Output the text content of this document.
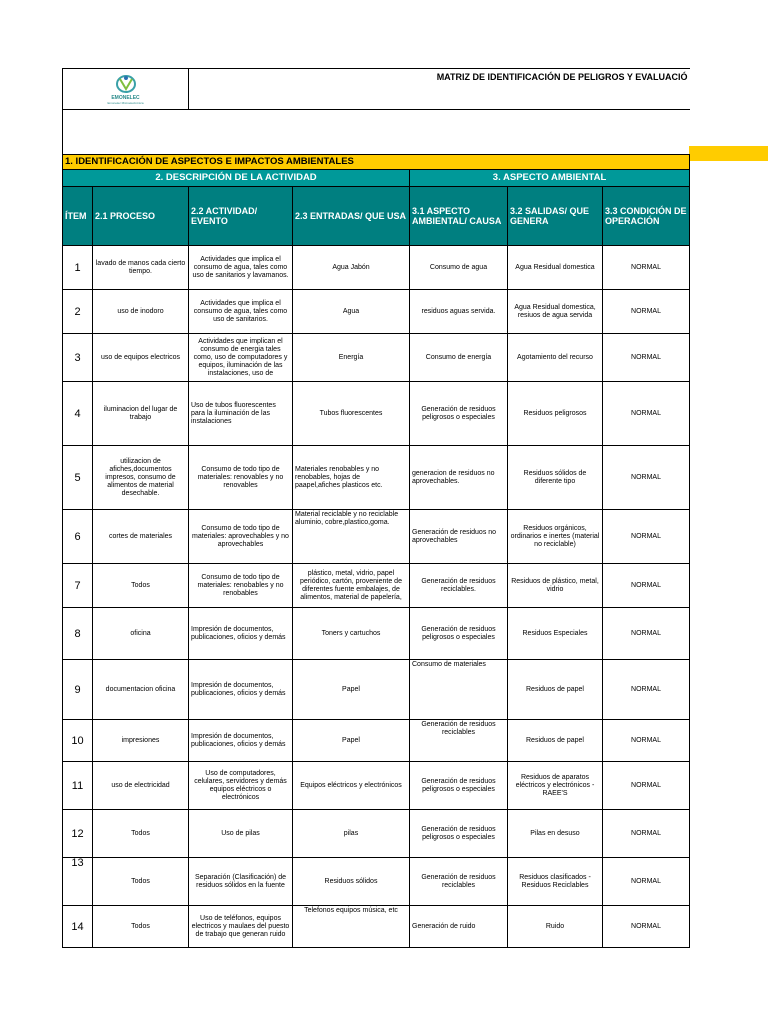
EMONELEC
Emonelec Microelectrónica		MATRIZ DE IDENTIFICACIÓN DE PELIGROS Y EVALUACIÓ				

1. IDENTIFICACIÓN DE ASPECTOS E IMPACTOS AMBIENTALES						
2. DESCRIPCIÓN DE LA ACTIVIDAD				3. ASPECTO AMBIENTAL		
ÍTEM	2.1 PROCESO	2.2 ACTIVIDAD/ EVENTO	2.3 ENTRADAS/ QUE USA	3.1 ASPECTO AMBIENTAL/ CAUSA	3.2 SALIDAS/ QUE GENERA	3.3 CONDICIÓN DE OPERACIÓN
1	lavado de manos cada cierto tiempo.	Actividades que implica el consumo de agua, tales como uso de sanitarios y lavamanos.	Agua Jabón	Consumo de agua	Agua Residual domestica	NORMAL
2	uso de inodoro	Actividades que implica el consumo de agua, tales como uso de sanitarios.	Agua	residuos aguas servida.	Agua Residual domestica, resiuos de agua servida	NORMAL
3	uso de equipos electricos	Actividades que implican el consumo de energia tales como, uso de computadores y equipos, iluminación de las instalaciones, uso de	Energía	Consumo de energía	Agotamiento del recurso	NORMAL
4	iluminacion del lugar de trabajo	Uso de tubos fluorescentes para la iluminación de las instalaciones	Tubos fluorescentes	Generación de residuos peligrosos o especiales	Residuos peligrosos	NORMAL
5	utilizacion de afiches,documentos impresos, consumo de alimentos de material desechable.	Consumo de todo tipo de materiales: renovables y no renovables	Materiales renobables y no renobables, hojas de paapel,afiches plasticos etc.	generacion de residuos no aprovechables.	Residuos sólidos de diferente tipo	NORMAL
6	cortes de materiales	Consumo de todo tipo de materiales: aprovechables y no aprovechables	Material reciclable y no reciclable aluminio, cobre,plastico,goma.	Generación de residuos no aprovechables	Residuos orgánicos, ordinarios e inertes (material no reciclable)	NORMAL
7	Todos	Consumo de todo tipo de materiales: renobables y no renobables	plástico, metal, vidrio, papel periódico, cartón, proveniente de diferentes fuente embalajes, de alimentos, material de papelería,	Generación de residuos reciclables.	Residuos de plástico, metal, vidrio	NORMAL
8	oficina	Impresión de documentos, publicaciones, oficios y demás	Toners y cartuchos	Generación de residuos peligrosos o especiales	Residuos Especiales	NORMAL
9	documentacion oficina	Impresión de documentos, publicaciones, oficios y demás	Papel	Consumo de materiales	Residuos de papel	NORMAL
10	impresiones	Impresión de documentos, publicaciones, oficios y demás	Papel	Generación de residuos reciclables	Residuos de papel	NORMAL
11	uso de electricidad	Uso de computadores, celulares, servidores y demás equipos eléctricos o electrónicos	Equipos eléctricos y electrónicos	Generación de residuos peligrosos o especiales	Residuos de aparatos eléctricos y electrónicos - RAEE'S	NORMAL
12	Todos	Uso de pilas	pilas	Generación de residuos peligrosos o especiales	Pilas en desuso	NORMAL
13	Todos	Separación (Clasificación) de residuos sólidos en la fuente	Residuos sólidos	Generación de residuos reciclables	Residuos clasificados - Residuos Reciclables	NORMAL
14	Todos	Uso de teléfonos, equipos electricos y maulaes del puesto de trabajo que generan ruido	Telefonos equipos música, etc	Generación de ruido	Ruido	NORMAL
